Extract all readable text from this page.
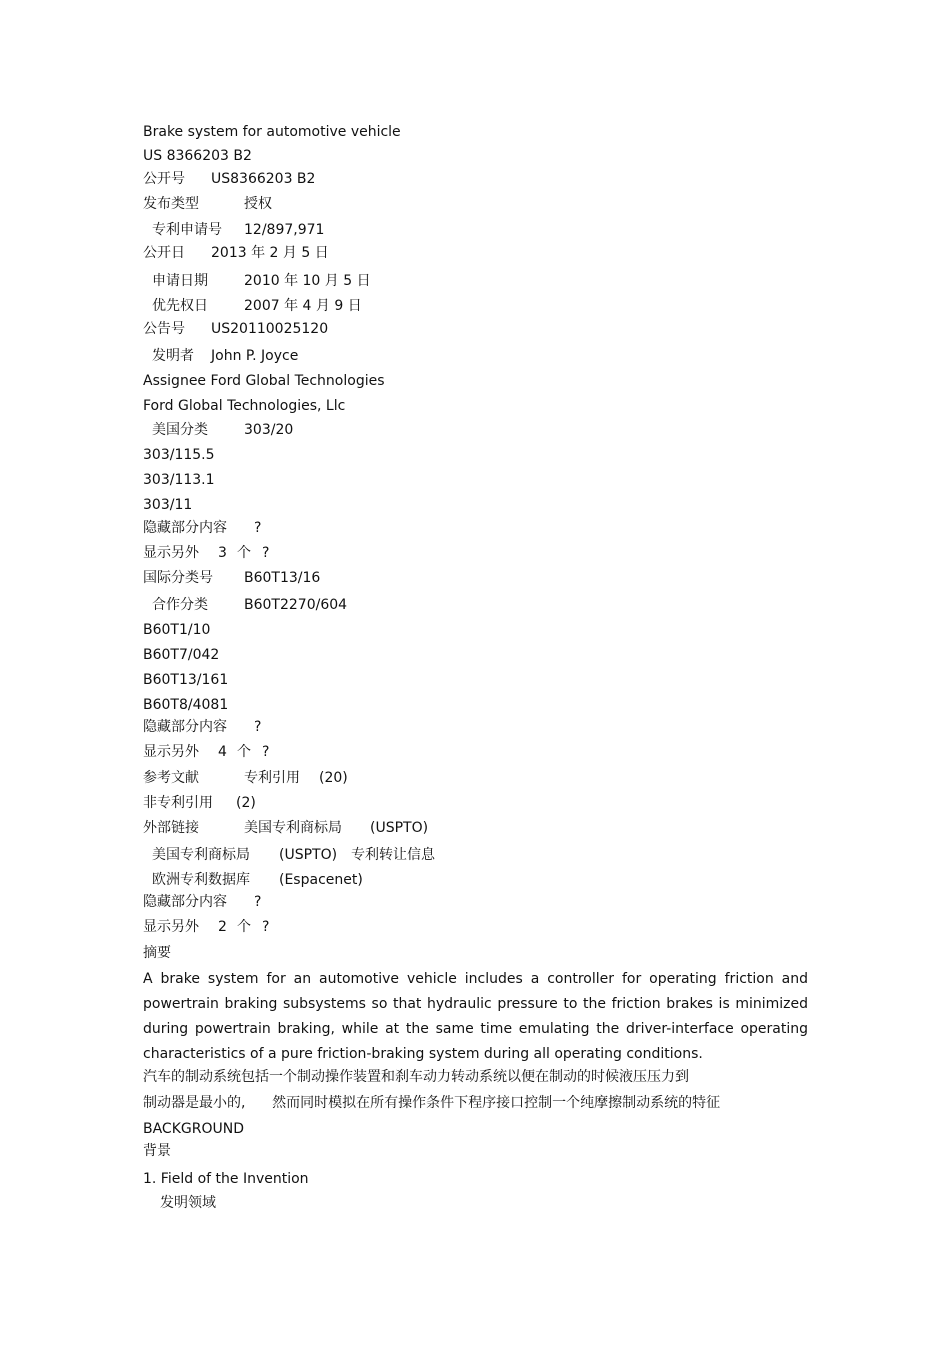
Brake system for automotive vehicle
US 8366203 B2
公开号 US8366203 B2
发布类型	授权
专利申请号 12/897,971
公开日 2013 年 2 月 5 日
申请日期	2010 年 10 月 5 日
优先权日	2007 年 4 月 9 日
公告号 US20110025120
发明者 John P. Joyce
Assignee Ford Global Technologies
Ford Global Technologies, Llc
美国分类	303/20
303/115.5
303/113.1
303/11
隐藏部分内容 ?
显示另外 3 个 ?
国际分类号 B60T13/16
合作分类	B60T2270/604
B60T1/10
B60T7/042
B60T13/161
B60T8/4081
隐藏部分内容 ?
显示另外 4 个 ?
参考文献	专利引用 (20)
非专利引用 (2)
外部链接	美国专利商标局 (USPTO)
美国专利商标局 (USPTO) 专利转让信息
欧洲专利数据库 (Espacenet)
隐藏部分内容 ?
显示另外 2 个 ?
摘要

A brake system for an automotive vehicle includes a controller for operating friction and

powertrain braking subsystems so that hydraulic pressure to the friction brakes is minimized

during powertrain braking, while at the same time emulating the driver-interface operating

characteristics of a pure friction-braking system during all operating conditions.

汽车的制动系统包括一个制动操作装置和刹车动力转动系统以便在制动的时候液压压力到
制动器是最小的,      然而同时模拟在所有操作条件下程序接口控制一个纯摩擦制动系统的特征
BACKGROUND
背景
1. Field of the Invention
发明领域
